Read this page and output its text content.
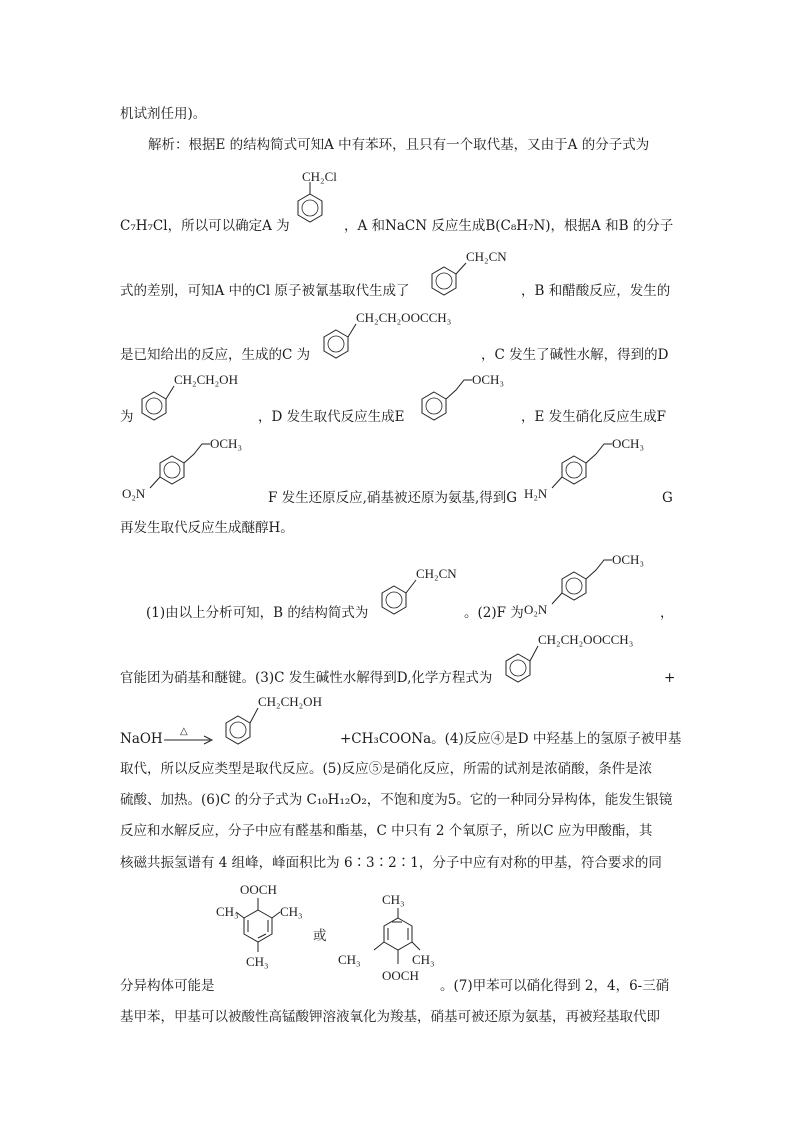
机试剂任用)。
解析：根据E 的结构简式可知A 中有苯环，且只有一个取代基，又由于A 的分子式为
C₇H₇Cl，所以可以确定A 为	，A 和NaCN 反应生成B(C₈H₇N)，根据A 和B 的分子
式的差别，可知A 中的Cl 原子被氰基取代生成了	，B 和醋酸反应，发生的
是已知给出的反应，生成的C 为	，C 发生了碱性水解，得到的D
为	，D 发生取代反应生成E	，E 发生硝化反应生成F
F 发生还原反应,硝基被还原为氨基,得到G	G
再发生取代反应生成醚醇H。
(1)由以上分析可知，B 的结构简式为	。(2)F 为	，
官能团为硝基和醚键。(3)C 发生碱性水解得到D,化学方程式为	+
NaOH	+CH₃COONa。(4)反应④是D 中羟基上的氢原子被甲基
取代，所以反应类型是取代反应。(5)反应⑤是硝化反应，所需的试剂是浓硝酸，条件是浓
硫酸、加热。(6)C 的分子式为 C₁₀H₁₂O₂，不饱和度为5。它的一种同分异构体，能发生银镜
反应和水解反应，分子中应有醛基和酯基，C 中只有 2 个氧原子，所以C 应为甲酸酯，其
核磁共振氢谱有 4 组峰，峰面积比为 6∶3∶2∶1，分子中应有对称的甲基，符合要求的同
分异构体可能是
或
。(7)甲苯可以硝化得到 2，4，6-三硝
基甲苯，甲基可以被酸性高锰酸钾溶液氧化为羧基，硝基可被还原为氨基，再被羟基取代即
CH₂Cl
CH₂CN
CH₂CH₂OOCCH₃
CH₂CH₂OH	OCH₃
OCH₃
O₂N
OCH₃
H₂N
CH₂CN
OCH₃
O₂N
CH₂CH₂OOCCH₃
△
CH₂CH₂OH
OOCH
CH₃	CH₃
CH₃
CH₃
CH₃	CH₃
OOCH
